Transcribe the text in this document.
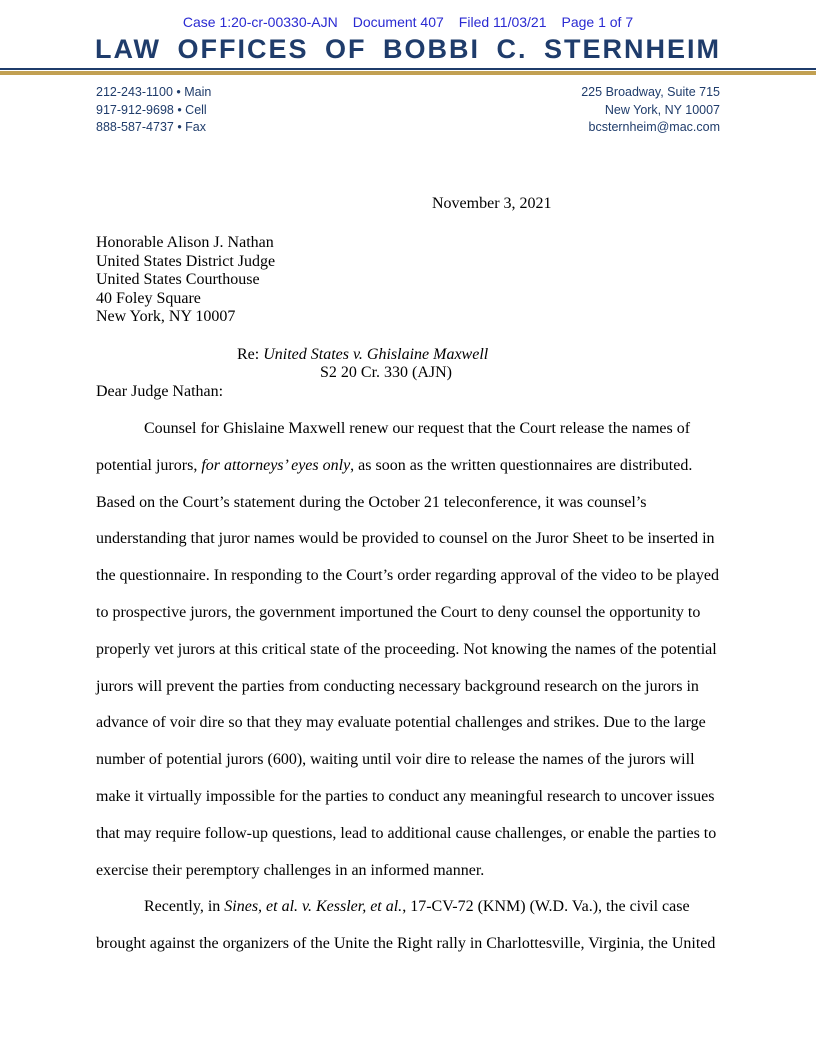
Case 1:20-cr-00330-AJN Document 407 Filed 11/03/21 Page 1 of 7
LAW OFFICES OF BOBBI C. STERNHEIM
212-243-1100 • Main
917-912-9698 • Cell
888-587-4737 • Fax
225 Broadway, Suite 715
New York, NY 10007
bcsternheim@mac.com
November 3, 2021
Honorable Alison J. Nathan
United States District Judge
United States Courthouse
40 Foley Square
New York, NY 10007
Re: United States v. Ghislaine Maxwell
S2 20 Cr. 330 (AJN)
Dear Judge Nathan:

Counsel for Ghislaine Maxwell renew our request that the Court release the names of potential jurors, for attorneys’ eyes only, as soon as the written questionnaires are distributed. Based on the Court’s statement during the October 21 teleconference, it was counsel’s understanding that juror names would be provided to counsel on the Juror Sheet to be inserted in the questionnaire. In responding to the Court’s order regarding approval of the video to be played to prospective jurors, the government importuned the Court to deny counsel the opportunity to properly vet jurors at this critical state of the proceeding. Not knowing the names of the potential jurors will prevent the parties from conducting necessary background research on the jurors in advance of voir dire so that they may evaluate potential challenges and strikes. Due to the large number of potential jurors (600), waiting until voir dire to release the names of the jurors will make it virtually impossible for the parties to conduct any meaningful research to uncover issues that may require follow-up questions, lead to additional cause challenges, or enable the parties to exercise their peremptory challenges in an informed manner.

Recently, in Sines, et al. v. Kessler, et al., 17-CV-72 (KNM) (W.D. Va.), the civil case brought against the organizers of the Unite the Right rally in Charlottesville, Virginia, the United
